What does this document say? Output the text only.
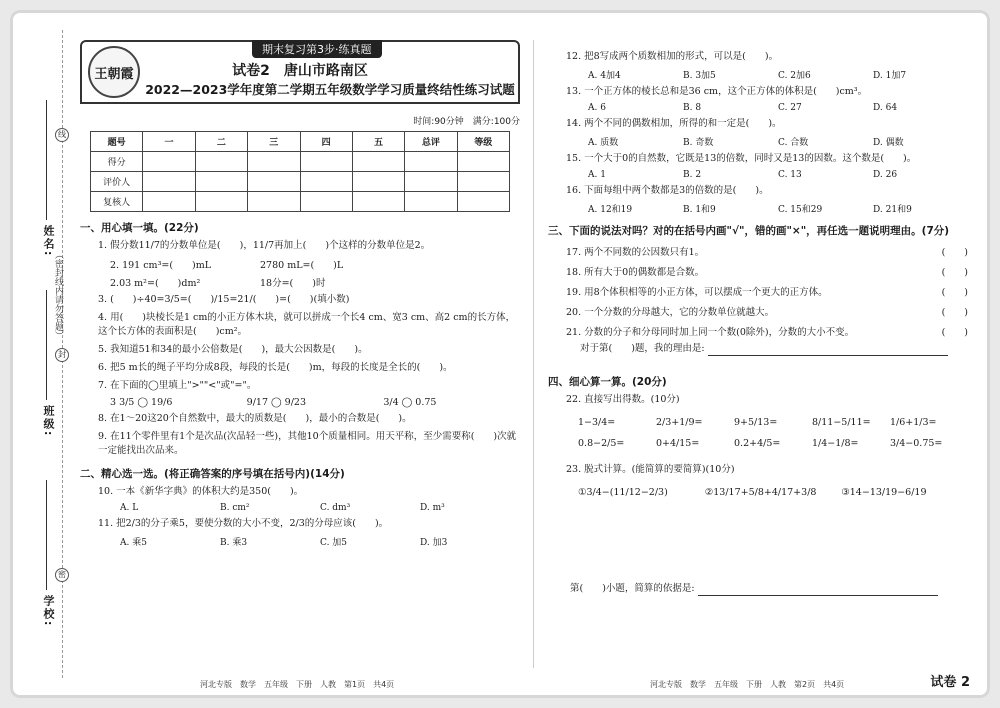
姓名:
班级:
学校:
（密封线内请勿答题）
线
封
密
期末复习第3步·练真题
王朝霞	试卷2　唐山市路南区
2022—2023学年度第二学期五年级数学学习质量终结性练习试题
时间:90分钟　满分:100分
题号	一	二	三	四	五	总评	等级
得分							
评价人							
复核人							
一、用心填一填。(22分)
1. 假分数11/7的分数单位是(　　)，11/7再加上(　　)个这样的分数单位是2。
2. 191 cm³=(　　)mL	2780 mL=(　　)L
2.03 m²=(　　)dm²	18分=(　　)时
3. (　　)÷40=3/5=(　　)/15=21/(　　)=(　　)(填小数)
4. 用(　　)块棱长是1 cm的小正方体木块，就可以拼成一个长4 cm、宽3 cm、高2 cm的长方体，这个长方体的表面积是(　　)cm²。
5. 我知道51和34的最小公倍数是(　　)，最大公因数是(　　)。
6. 把5 m长的绳子平均分成8段，每段的长是(　　)m，每段的长度是全长的(　　)。
7. 在下面的◯里填上">""<"或"="。
3 3/5 ◯ 19/6	9/17 ◯ 9/23	3/4 ◯ 0.75
8. 在1～20这20个自然数中，最大的质数是(　　)，最小的合数是(　　)。
9. 在11个零件里有1个是次品(次品轻一些)，其他10个质量相同。用天平称，至少需要称(　　)次就一定能找出次品来。
二、精心选一选。(将正确答案的序号填在括号内)(14分)
10. 一本《新华字典》的体积大约是350(　　)。
A. L	B. cm²	C. dm³	D. m³
11. 把2/3的分子乘5，要使分数的大小不变，2/3的分母应该(　　)。
A. 乘5	B. 乘3	C. 加5	D. 加3
河北专版　数学　五年级　下册　人教　第1页　共4页
12. 把8写成两个质数相加的形式，可以是(　　)。
A. 4加4	B. 3加5	C. 2加6	D. 1加7
13. 一个正方体的棱长总和是36 cm，这个正方体的体积是(　　)cm³。
A. 6	B. 8	C. 27	D. 64
14. 两个不同的偶数相加，所得的和一定是(　　)。
A. 质数	B. 奇数	C. 合数	D. 偶数
15. 一个大于0的自然数，它既是13的倍数，同时又是13的因数。这个数是(　　)。
A. 1	B. 2	C. 13	D. 26
16. 下面每组中两个数都是3的倍数的是(　　)。
A. 12和19	B. 1和9	C. 15和29	D. 21和9
三、下面的说法对吗？对的在括号内画"√"，错的画"×"，再任选一题说明理由。(7分)
17. 两个不同数的公因数只有1。	(　　)
18. 所有大于0的偶数都是合数。	(　　)
19. 用8个体积相等的小正方体，可以摆成一个更大的正方体。	(　　)
20. 一个分数的分母越大，它的分数单位就越大。	(　　)
21. 分数的分子和分母同时加上同一个数(0除外)，分数的大小不变。	(　　)
对于第(　　)题，我的理由是:
四、细心算一算。(20分)
22. 直接写出得数。(10分)
1−3/4=	2/3+1/9=	9+5/13=	8/11−5/11=	1/6+1/3=
0.8−2/5=	0+4/15=	0.2+4/5=	1/4−1/8=	3/4−0.75=
23. 脱式计算。(能简算的要简算)(10分)
①3/4−(11/12−2/3)	②13/17+5/8+4/17+3/8	③14−13/19−6/19
第(　　)小题，简算的依据是:
河北专版　数学　五年级　下册　人教　第2页　共4页	试卷 2
